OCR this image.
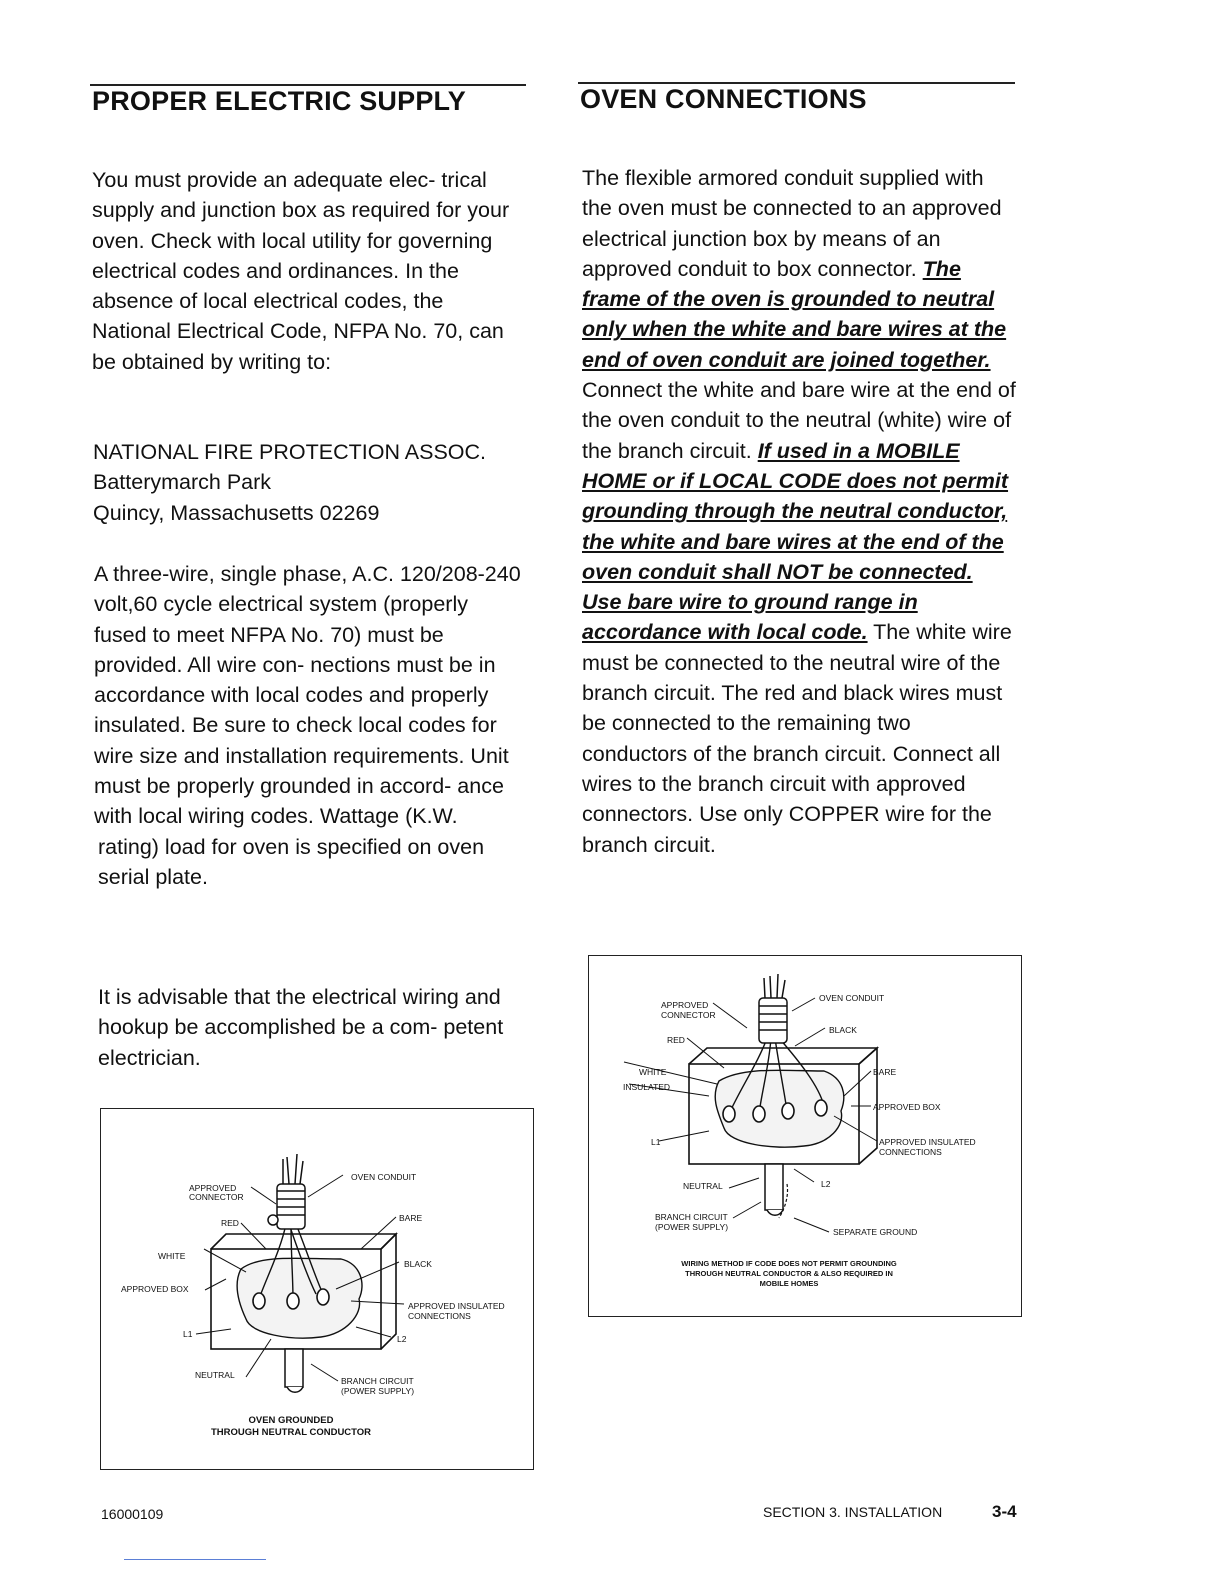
PROPER ELECTRIC SUPPLY	OVEN CONNECTIONS

You must provide an adequate elec- trical supply and junction box as required for your oven. Check with local utility for governing electrical codes and ordinances. In the absence of local electrical codes, the National Electrical Code, NFPA No. 70, can be obtained by writing to:

NATIONAL FIRE PROTECTION ASSOC.

Batterymarch Park

Quincy, Massachusetts 02269

A three-wire, single phase, A.C. 120/208-240 volt,60 cycle electrical system (properly fused to meet NFPA No. 70) must be provided. All wire con- nections must be in accordance with local codes and properly insulated. Be sure to check local codes for wire size and installation requirements. Unit must be properly grounded in accord- ance with local wiring codes. Wattage (K.W.

rating) load for oven is specified on oven serial plate.

It is advisable that the electrical wiring and hookup be accomplished be a com- petent electrician.

The flexible armored conduit supplied with the oven must be connected to an approved electrical junction box by means of an approved conduit to box connector. The frame of the oven is grounded to neutral only when the white and bare wires at the end of oven conduit are joined together. Connect the white and bare wire at the end of the oven conduit to the neutral (white) wire of the branch circuit. If used in a MOBILE HOME or if LOCAL CODE does not permit grounding through the neutral conductor, the white and bare wires at the end of the oven conduit shall NOT be connected. Use bare wire to ground range in accordance with local code. The white wire must be connected to the neutral wire of the branch circuit. The red and black wires must be connected to the remaining two conductors of the branch circuit. Connect all wires to the branch circuit with approved connectors. Use only COPPER wire for the branch circuit.

APPROVED
CONNECTOR
OVEN CONDUIT
RED	BARE
WHITE
BLACK
APPROVED BOX
APPROVED INSULATED
CONNECTIONS
L1	L2
NEUTRAL
BRANCH CIRCUIT
(POWER SUPPLY)
OVEN GROUNDED
THROUGH NEUTRAL CONDUCTOR
APPROVED
CONNECTOR
OVEN CONDUIT
RED
BLACK
WHITE
INSULATED
BARE
APPROVED BOX
L1	APPROVED INSULATED
CONNECTIONS
NEUTRAL	L2
BRANCH CIRCUIT
(POWER SUPPLY)	SEPARATE GROUND
WIRING METHOD IF CODE DOES NOT PERMIT GROUNDING
THROUGH NEUTRAL CONDUCTOR & ALSO REQUIRED IN
MOBILE HOMES
16000109	SECTION 3. INSTALLATION	3-4
